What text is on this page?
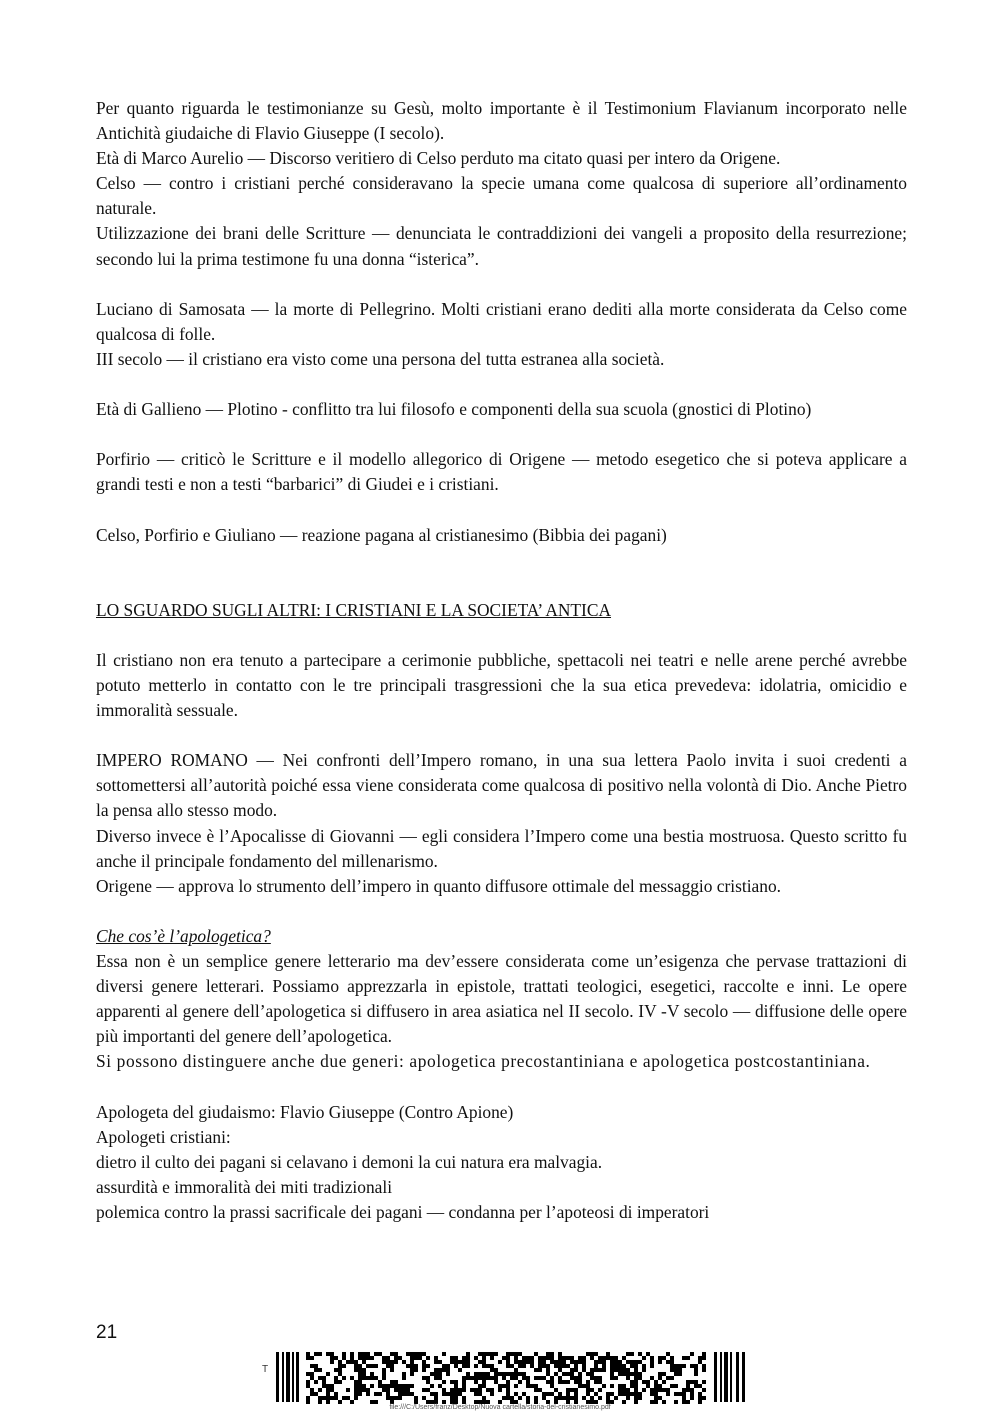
Per quanto riguarda le testimonianze su Gesù, molto importante è il Testimonium Flavianum incorporato nelle Antichità giudaiche di Flavio Giuseppe (I secolo).

Età di Marco Aurelio — Discorso veritiero di Celso perduto ma citato quasi per intero da Origene.

Celso — contro i cristiani perché consideravano la specie umana come qualcosa di superiore all’ordinamento naturale.

Utilizzazione dei brani delle Scritture — denunciata le contraddizioni dei vangeli a proposito della resurrezione; secondo lui la prima testimone fu una donna “isterica”.

Luciano di Samosata — la morte di Pellegrino. Molti cristiani erano dediti alla morte considerata da Celso come qualcosa di folle.

III secolo — il cristiano era visto come una persona del tutta estranea alla società.

Età di Gallieno — Plotino - conflitto tra lui filosofo e componenti della sua scuola (gnostici di Plotino)

Porfirio — criticò le Scritture e il modello allegorico di Origene — metodo esegetico che si poteva applicare a grandi testi e non a testi “barbarici” di Giudei e i cristiani.

Celso, Porfirio e Giuliano — reazione pagana al cristianesimo (Bibbia dei pagani)

LO SGUARDO SUGLI ALTRI: I CRISTIANI E LA SOCIETA’ ANTICA

Il cristiano non era tenuto a partecipare a cerimonie pubbliche, spettacoli nei teatri e nelle arene perché avrebbe potuto metterlo in contatto con le tre principali trasgressioni che la sua etica prevedeva: idolatria, omicidio e immoralità sessuale.

IMPERO ROMANO — Nei confronti dell’Impero romano, in una sua lettera Paolo invita i suoi credenti a sottomettersi all’autorità poiché essa viene considerata come qualcosa di positivo nella volontà di Dio. Anche Pietro la pensa allo stesso modo.

Diverso invece è l’Apocalisse di Giovanni — egli considera l’Impero come una bestia mostruosa. Questo scritto fu anche il principale fondamento del millenarismo.

Origene — approva lo strumento dell’impero in quanto diffusore ottimale del messaggio cristiano.

Che cos’è l’apologetica?

Essa non è un semplice genere letterario ma dev’essere considerata come un’esigenza che pervase trattazioni di diversi genere letterari. Possiamo apprezzarla in epistole, trattati teologici, esegetici, raccolte e inni. Le opere apparenti al genere dell’apologetica si diffusero in area asiatica nel II secolo. IV -V secolo — diffusione delle opere più importanti del genere dell’apologetica.

Si possono distinguere anche due generi: apologetica precostantiniana e apologetica postcostantiniana.

Apologeta del giudaismo: Flavio Giuseppe (Contro Apione)

Apologeti cristiani:

dietro il culto dei pagani si celavano i demoni la cui natura era malvagia.

assurdità e immoralità dei miti tradizionali

polemica contro la prassi sacrificale dei pagani — condanna per l’apoteosi di imperatori

21
T
file:///C:/Users/franz/Desktop/Nuova cartella/storia-del-cristianesimo.pdf
